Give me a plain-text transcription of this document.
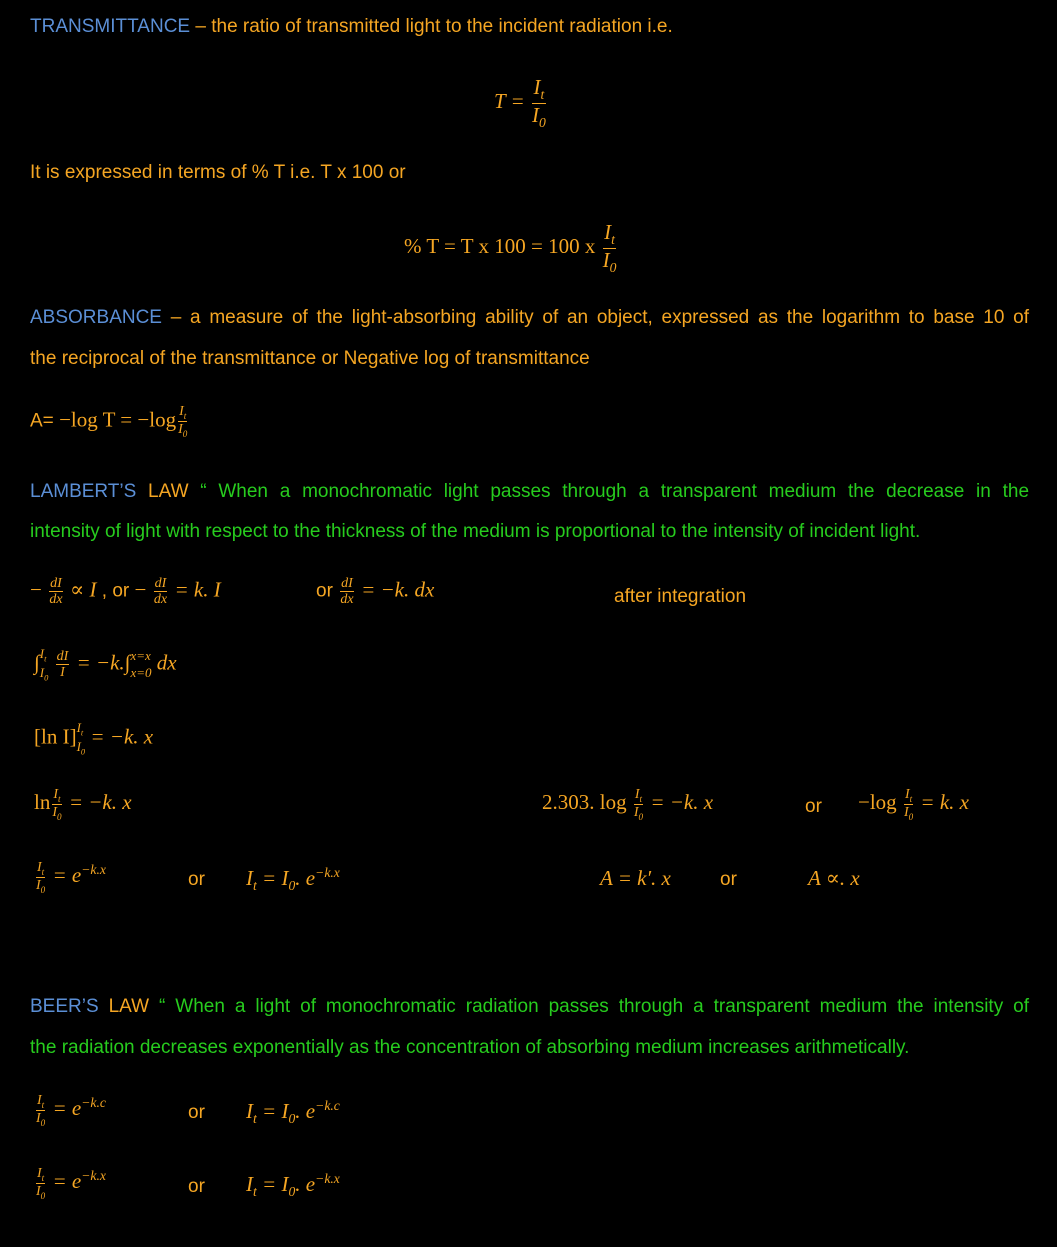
TRANSMITTANCE – the ratio of transmitted light to the incident radiation i.e.
$T = \frac{I_t}{I_0}$
It is expressed in terms of % T i.e. T x 100 or
% T = T x 100 = 100 x $\frac{I_t}{I_0}$
ABSORBANCE – a measure of the light-absorbing ability of an object, expressed as the logarithm to base 10 of
the reciprocal of the transmittance or Negative log of transmittance
A= −log $T = -\log \frac{I_t}{I_0}$
LAMBERT’S LAW “ When a monochromatic light passes through a transparent medium the decrease in the
intensity of light with respect to the thickness of the medium is proportional to the intensity of incident light.
− $\frac{dI}{dx} \propto I$ , or − $\frac{dI}{dx} = k$. I	or $\frac{dI}{dx} = -k$. dx	after integration
∫ $I_t$
$I_0$
$\frac{dI}{I} = -k.\int$ x=x
x=0 dx
[ln I] $I_t$
$I_0$
= −k. x
$\ln \frac{I_t}{I_0} = -k$. x	2.303. $\log \frac{I_t}{I_0} = -k$. x	or $-\log \frac{I_t}{I_0} = k$. x
$\frac{I_t}{I_0} = e^{-k.x}$	or $I_t = I_0$. $e^{-k.x}$	A = k′. x	or	A ∝. x
BEER’S LAW “ When a light of monochromatic radiation passes through a transparent medium the intensity of
the radiation decreases exponentially as the concentration of absorbing medium increases arithmetically.
$\frac{I_t}{I_0} = e^{-k.c}$	or $I_t = I_0$. $e^{-k.c}$
$\frac{I_t}{I_0} = e^{-k.x}$
or $I_t = I_0$. $e^{-k.x}$
